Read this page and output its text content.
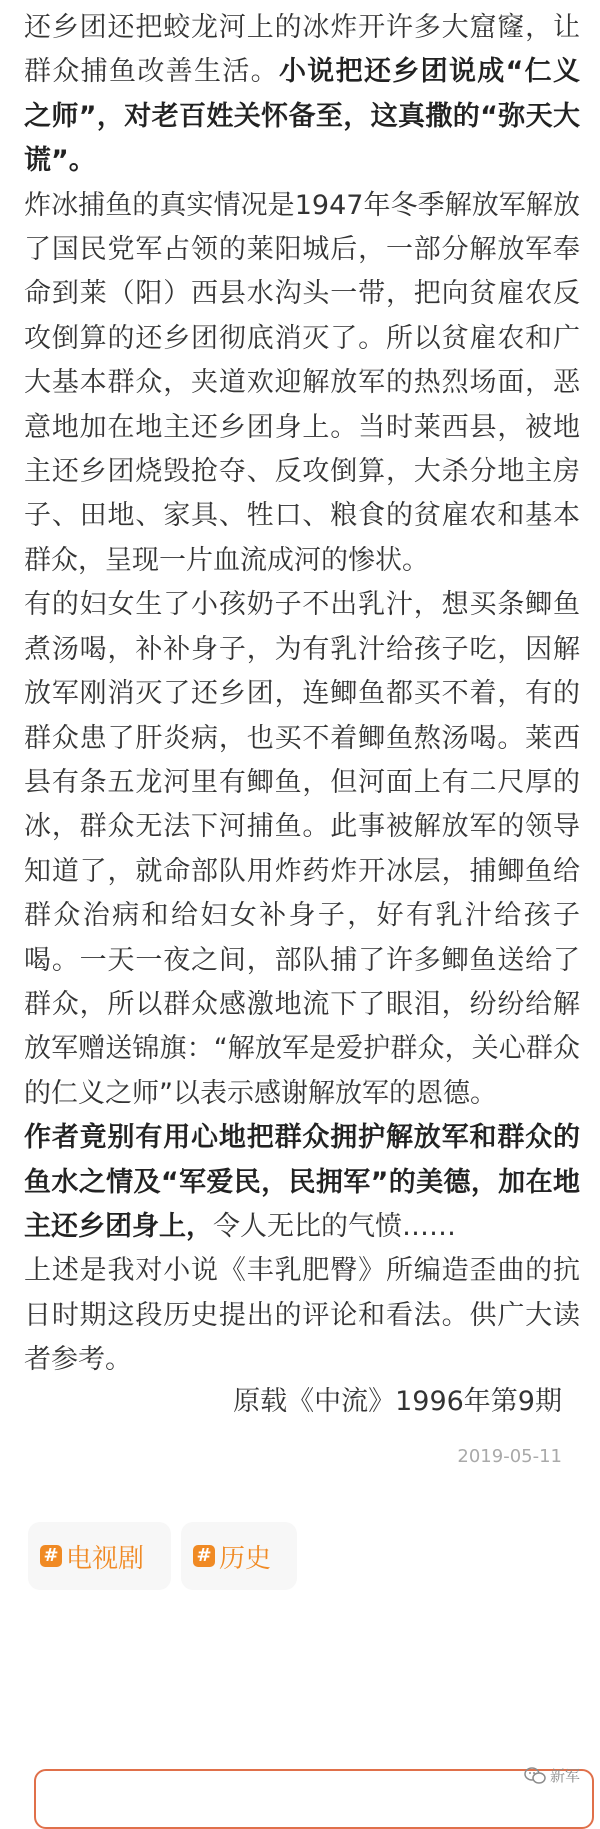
还乡团还把蛟龙河上的冰炸开许多大窟窿，让群众捕鱼改善生活。小说把还乡团说成“仁义之师”，对老百姓关怀备至，这真撒的“弥天大谎”。

炸冰捕鱼的真实情况是1947年冬季解放军解放了国民党军占领的莱阳城后，一部分解放军奉命到莱（阳）西县水沟头一带，把向贫雇农反攻倒算的还乡团彻底消灭了。所以贫雇农和广大基本群众，夹道欢迎解放军的热烈场面，恶意地加在地主还乡团身上。当时莱西县，被地主还乡团烧毁抢夺、反攻倒算，大杀分地主房子、田地、家具、牲口、粮食的贫雇农和基本群众，呈现一片血流成河的惨状。

有的妇女生了小孩奶子不出乳汁，想买条鲫鱼煮汤喝，补补身子，为有乳汁给孩子吃，因解放军刚消灭了还乡团，连鲫鱼都买不着，有的群众患了肝炎病，也买不着鲫鱼熬汤喝。莱西县有条五龙河里有鲫鱼，但河面上有二尺厚的冰，群众无法下河捕鱼。此事被解放军的领导知道了，就命部队用炸药炸开冰层，捕鲫鱼给群众治病和给妇女补身子，好有乳汁给孩子喝。一天一夜之间，部队捕了许多鲫鱼送给了群众，所以群众感激地流下了眼泪，纷纷给解放军赠送锦旗：“解放军是爱护群众，关心群众的仁义之师”以表示感谢解放军的恩德。

作者竟别有用心地把群众拥护解放军和群众的鱼水之情及“军爱民，民拥军”的美德，加在地主还乡团身上，令人无比的气愤……

上述是我对小说《丰乳肥臀》所编造歪曲的抗日时期这段历史提出的评论和看法。供广大读者参考。

原载《中流》1996年第9期
2019-05-11
# 电视剧	# 历史
新军
